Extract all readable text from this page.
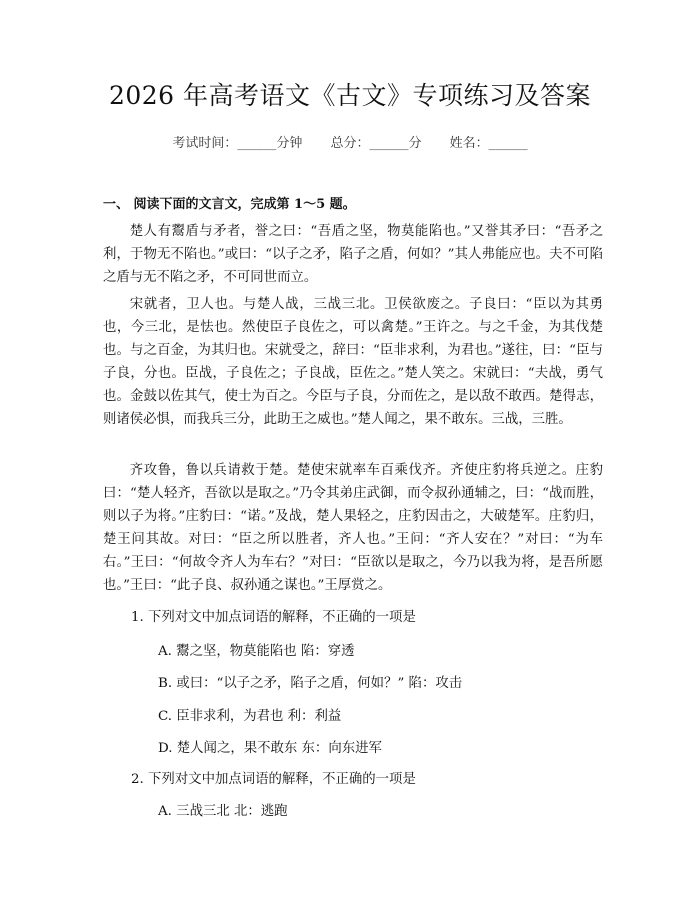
2026 年高考语文《古文》专项练习及答案
考试时间：______分钟 总分：______分 姓名：______
一、 阅读下面的文言文，完成第 1～5 题。
楚人有鬻盾与矛者，誉之曰：“吾盾之坚，物莫能陷也。”又誉其矛曰：“吾矛之利，于物无不陷也。”或曰：“以子之矛，陷子之盾，何如？”其人弗能应也。夫不可陷之盾与无不陷之矛，不可同世而立。
宋就者，卫人也。与楚人战，三战三北。卫侯欲废之。子良曰：“臣以为其勇也，今三北，是怯也。然使臣子良佐之，可以禽楚。”王许之。与之千金，为其伐楚也。与之百金，为其归也。宋就受之，辞曰：“臣非求利，为君也。”遂往，曰：“臣与子良，分也。臣战，子良佐之；子良战，臣佐之。”楚人笑之。宋就曰：“夫战，勇气也。金鼓以佐其气，使士为百之。今臣与子良，分而佐之，是以敌不敢西。楚得志，则诸侯必惧，而我兵三分，此助王之威也。”楚人闻之，果不敢东。三战，三胜。
齐攻鲁，鲁以兵请救于楚。楚使宋就率车百乘伐齐。齐使庄豹将兵逆之。庄豹曰：“楚人轻齐，吾欲以是取之。”乃令其弟庄武御，而令叔孙通辅之，曰：“战而胜，则以子为将。”庄豹曰：“诺。”及战，楚人果轻之，庄豹因击之，大破楚军。庄豹归，楚王问其故。对曰：“臣之所以胜者，齐人也。”王问：“齐人安在？”对曰：“为车右。”王曰：“何故令齐人为车右？”对曰：“臣欲以是取之，今乃以我为将，是吾所愿也。”王曰：“此子良、叔孙通之谋也。”王厚赏之。
1. 下列对文中加点词语的解释，不正确的一项是
A. 鬻之坚，物莫能陷也 陷：穿透
B. 或曰：“以子之矛，陷子之盾，何如？” 陷：攻击
C. 臣非求利，为君也 利：利益
D. 楚人闻之，果不敢东 东：向东进军
2. 下列对文中加点词语的解释，不正确的一项是
A. 三战三北 北：逃跑
